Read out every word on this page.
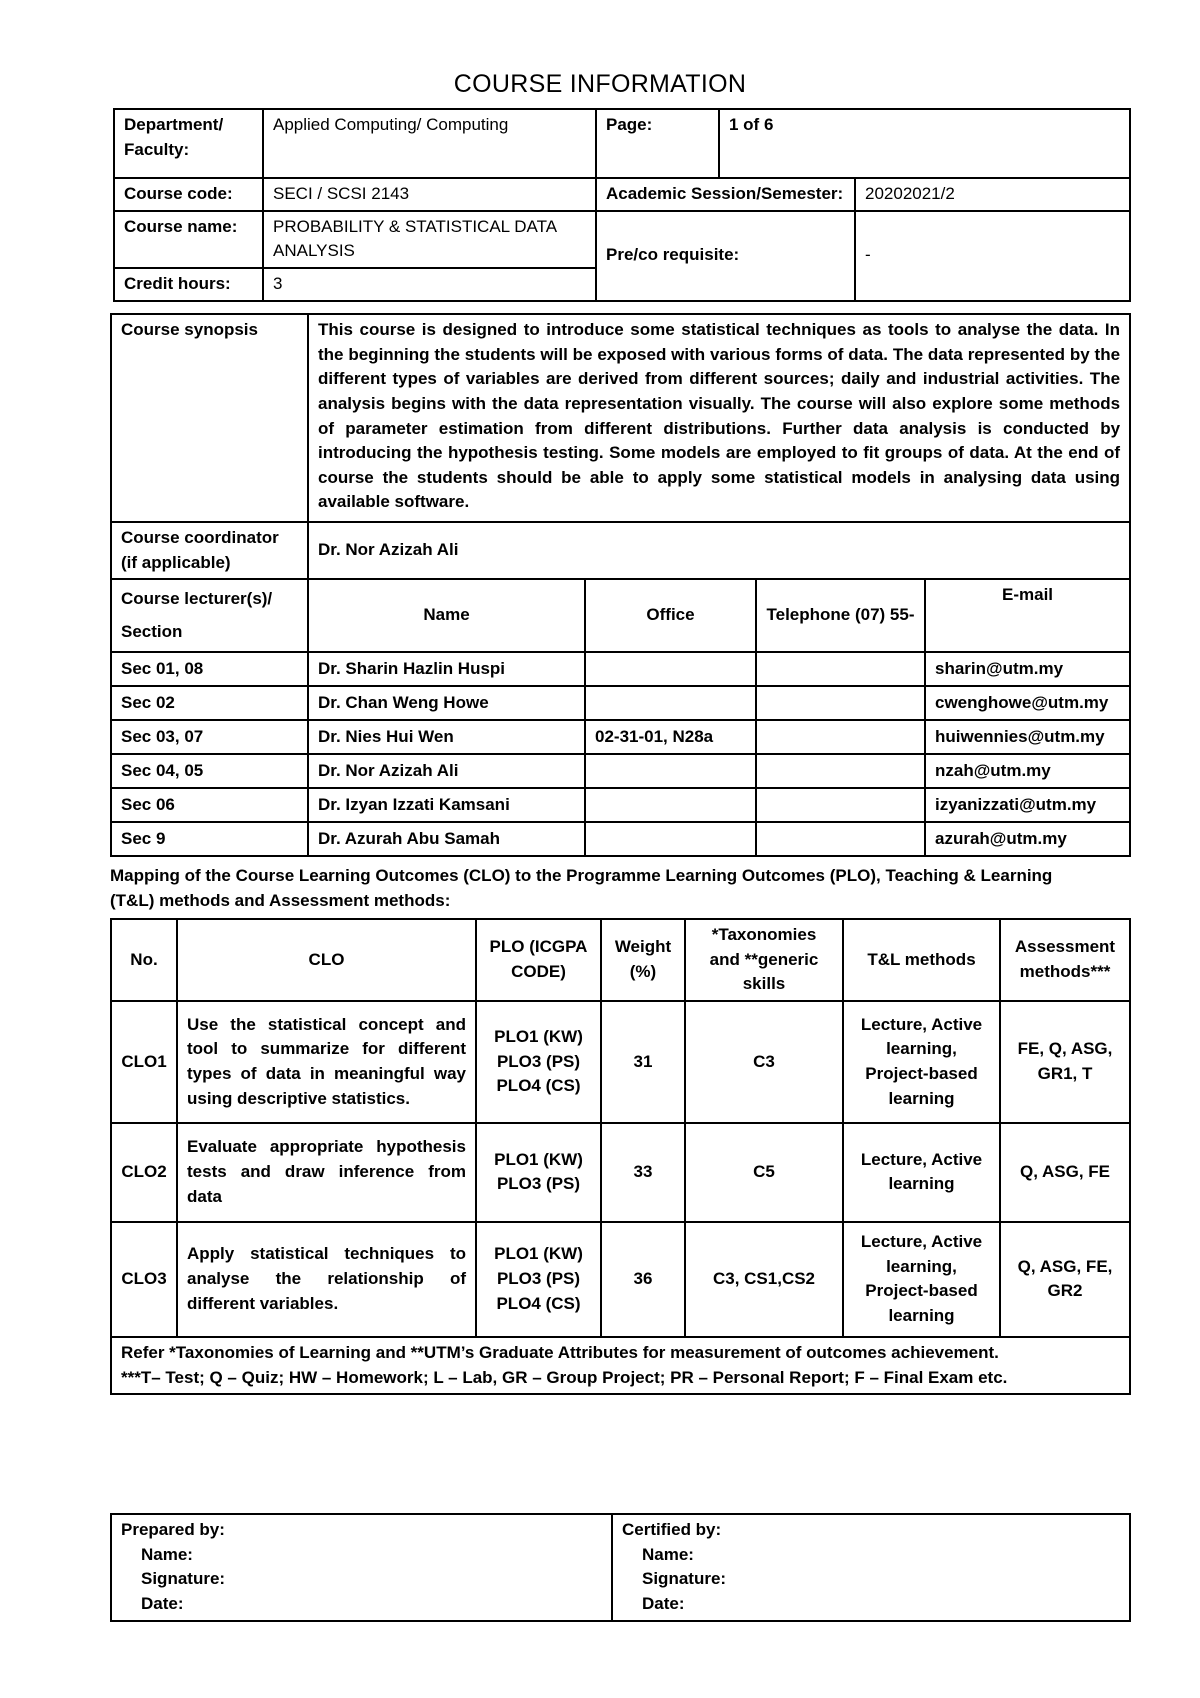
COURSE INFORMATION
Department/ Faculty:	Applied Computing/ Computing	Page:	1 of 6	
Course code:	SECI / SCSI 2143	Academic Session/Semester:		20202021/2
Course name:	PROBABILITY & STATISTICAL DATA ANALYSIS	Pre/co requisite:		-
Credit hours:	3			
Course synopsis	This course is designed to introduce some statistical techniques as tools to analyse the data. In the beginning the students will be exposed with various forms of data. The data represented by the different types of variables are derived from different sources; daily and industrial activities. The analysis begins with the data representation visually. The course will also explore some methods of parameter estimation from different distributions. Further data analysis is conducted by introducing the hypothesis testing. Some models are employed to fit groups of data. At the end of course the students should be able to apply some statistical models in analysing data using available software.			
Course coordinator (if applicable)	Dr. Nor Azizah Ali			
Course lecturer(s)/ Section	Name	Office	Telephone (07) 55-	E-mail
Sec 01, 08	Dr. Sharin Hazlin Huspi			sharin@utm.my
Sec 02	Dr. Chan Weng Howe			cwenghowe@utm.my
Sec 03, 07	Dr. Nies Hui Wen	02-31-01, N28a		huiwennies@utm.my
Sec 04, 05	Dr. Nor Azizah Ali			nzah@utm.my
Sec 06	Dr. Izyan Izzati Kamsani			izyanizzati@utm.my
Sec 9	Dr. Azurah Abu Samah			azurah@utm.my
Mapping of the Course Learning Outcomes (CLO) to the Programme Learning Outcomes (PLO), Teaching & Learning (T&L) methods and Assessment methods:
No.	CLO	PLO (ICGPA CODE)	Weight (%)	*Taxonomies and **generic skills	T&L methods	Assessment methods***
CLO1	Use the statistical concept and tool to summarize for different types of data in meaningful way using descriptive statistics.	PLO1 (KW) PLO3 (PS) PLO4 (CS)	31	C3	Lecture, Active learning, Project-based learning	FE, Q, ASG, GR1, T
CLO2	Evaluate appropriate hypothesis tests and draw inference from data	PLO1 (KW) PLO3 (PS)	33	C5	Lecture, Active learning	Q, ASG, FE
CLO3	Apply statistical techniques to analyse the relationship of different variables.	PLO1 (KW) PLO3 (PS) PLO4 (CS)	36	C3, CS1,CS2	Lecture, Active learning, Project-based learning	Q, ASG, FE, GR2

Refer *Taxonomies of Learning and **UTM’s Graduate Attributes for measurement of outcomes achievement.
***T– Test; Q – Quiz; HW – Homework; L – Lab, GR – Group Project; PR – Personal Report; F – Final Exam etc.						
Prepared by:
Name:
Signature:
Date:

Certified by:
Name:
Signature:
Date:
